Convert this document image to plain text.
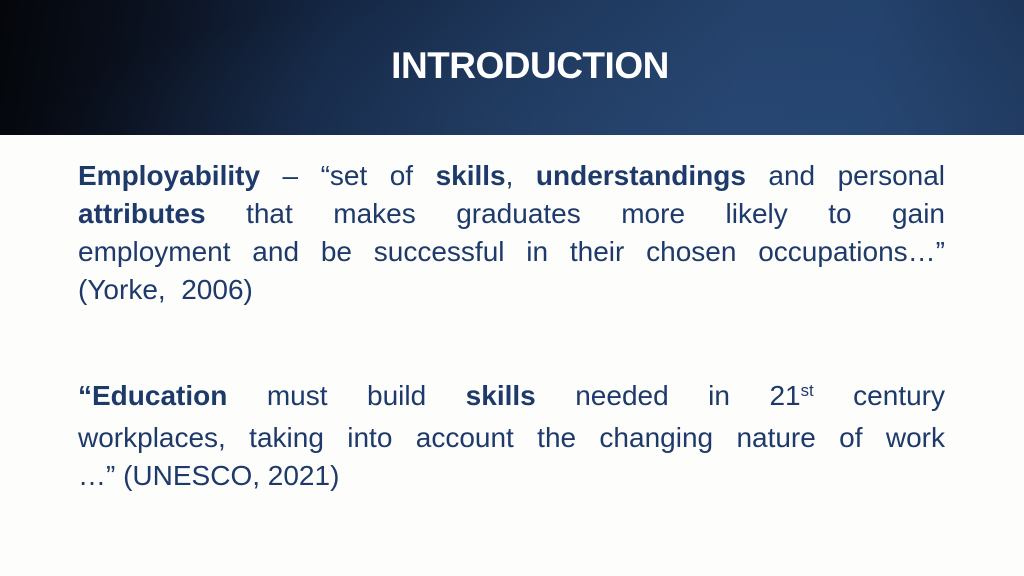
INTRODUCTION
Employability – “set of skills, understandings and personal
attributes that makes graduates more likely to gain
employment and be successful in their chosen occupations…”
(Yorke,  2006)
“Education must build skills needed in 21st century
workplaces, taking into account the changing nature of work
…” (UNESCO, 2021)
